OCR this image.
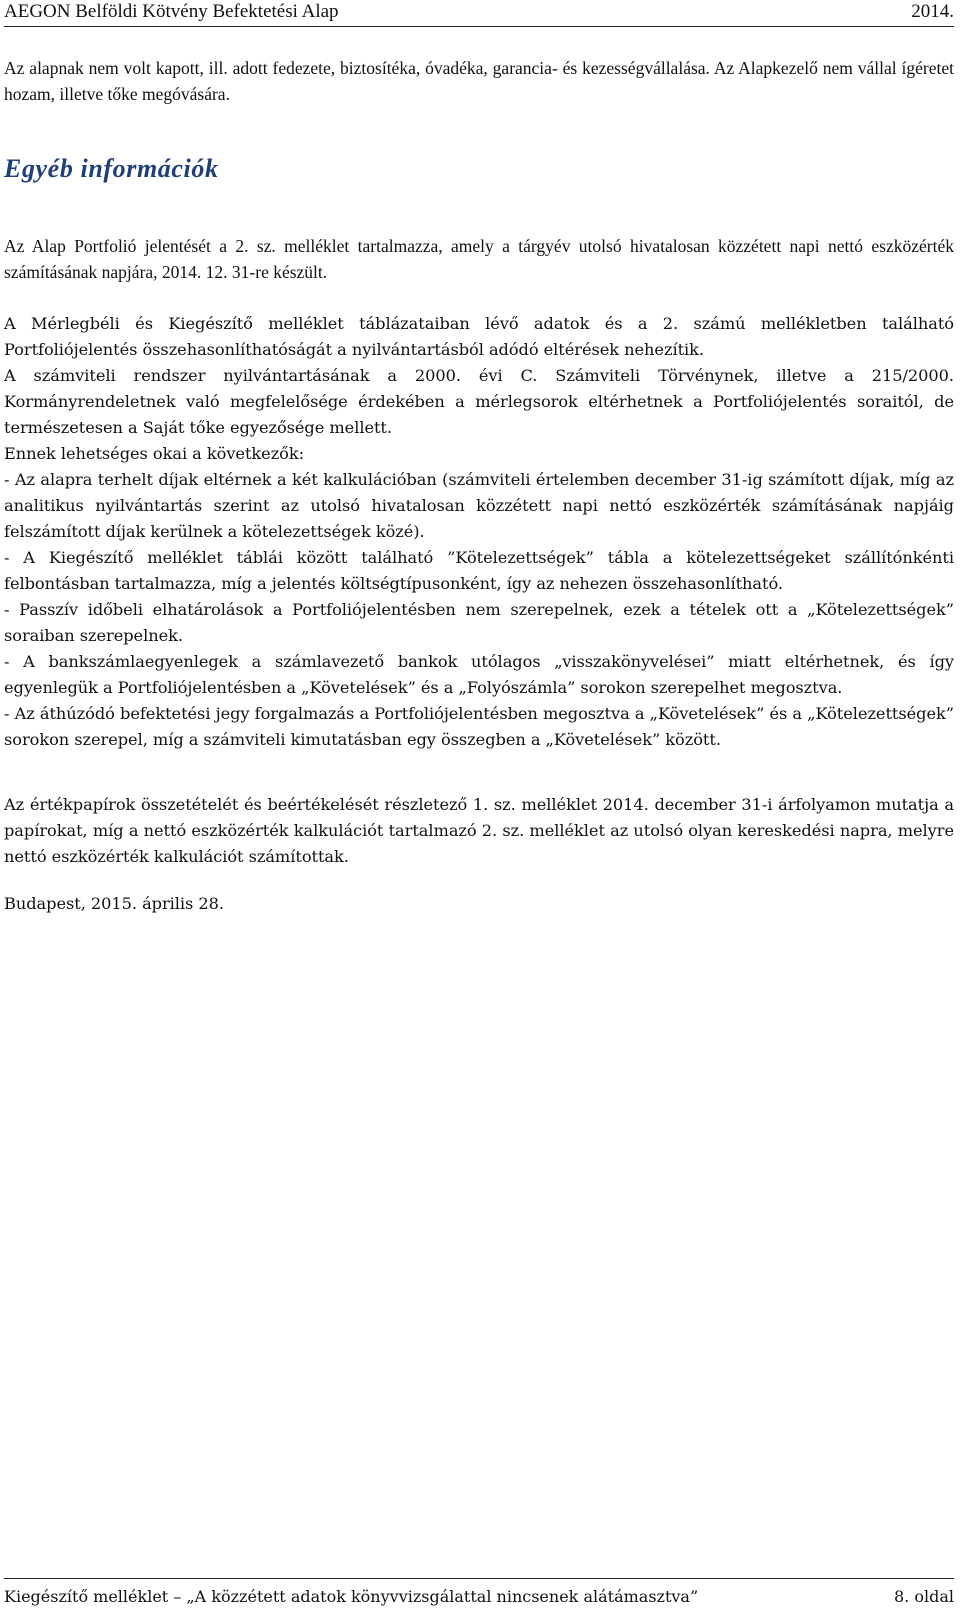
AEGON Belföldi Kötvény Befektetési Alap	2014.

Az alapnak nem volt kapott, ill. adott fedezete, biztosítéka, óvadéka, garancia- és kezességvállalása. Az Alapkezelő nem vállal ígéretet hozam, illetve tőke megóvására.

Egyéb információk

Az Alap Portfolió jelentését a 2. sz. melléklet tartalmazza, amely a tárgyév utolsó hivatalosan közzétett napi nettó eszközérték számításának napjára, 2014. 12. 31-re készült.

A Mérlegbéli és Kiegészítő melléklet táblázataiban lévő adatok és a 2. számú mellékletben található Portfoliójelentés összehasonlíthatóságát a nyilvántartásból adódó eltérések nehezítik.

A számviteli rendszer nyilvántartásának a 2000. évi C. Számviteli Törvénynek, illetve a 215/2000. Kormányrendeletnek való megfelelősége érdekében a mérlegsorok eltérhetnek a Portfoliójelentés soraitól, de természetesen a Saját tőke egyezősége mellett.

Ennek lehetséges okai a következők:

- Az alapra terhelt díjak eltérnek a két kalkulációban (számviteli értelemben december 31-ig számított díjak, míg az analitikus nyilvántartás szerint az utolsó hivatalosan közzétett napi nettó eszközérték számításának napjáig felszámított díjak kerülnek a kötelezettségek közé).

- A Kiegészítő melléklet táblái között található ”Kötelezettségek” tábla a kötelezettségeket szállítónkénti felbontásban tartalmazza, míg a jelentés költségtípusonként, így az nehezen összehasonlítható.

- Passzív időbeli elhatárolások a Portfoliójelentésben nem szerepelnek, ezek a tételek ott a „Kötelezettségek” soraiban szerepelnek.

- A bankszámlaegyenlegek a számlavezető bankok utólagos „visszakönyvelései” miatt eltérhetnek, és így egyenlegük a Portfoliójelentésben a „Követelések” és a „Folyószámla” sorokon szerepelhet megosztva.

- Az áthúzódó befektetési jegy forgalmazás a Portfoliójelentésben megosztva a „Követelések” és a „Kötelezettségek” sorokon szerepel, míg a számviteli kimutatásban egy összegben a „Követelések” között.

Az értékpapírok összetételét és beértékelését részletező 1. sz. melléklet 2014. december 31-i árfolyamon mutatja a papírokat, míg a nettó eszközérték kalkulációt tartalmazó 2. sz. melléklet az utolsó olyan kereskedési napra, melyre nettó eszközérték kalkulációt számítottak.

Budapest, 2015. április 28.

Kiegészítő melléklet – „A közzétett adatok könyvvizsgálattal nincsenek alátámasztva”	8. oldal
